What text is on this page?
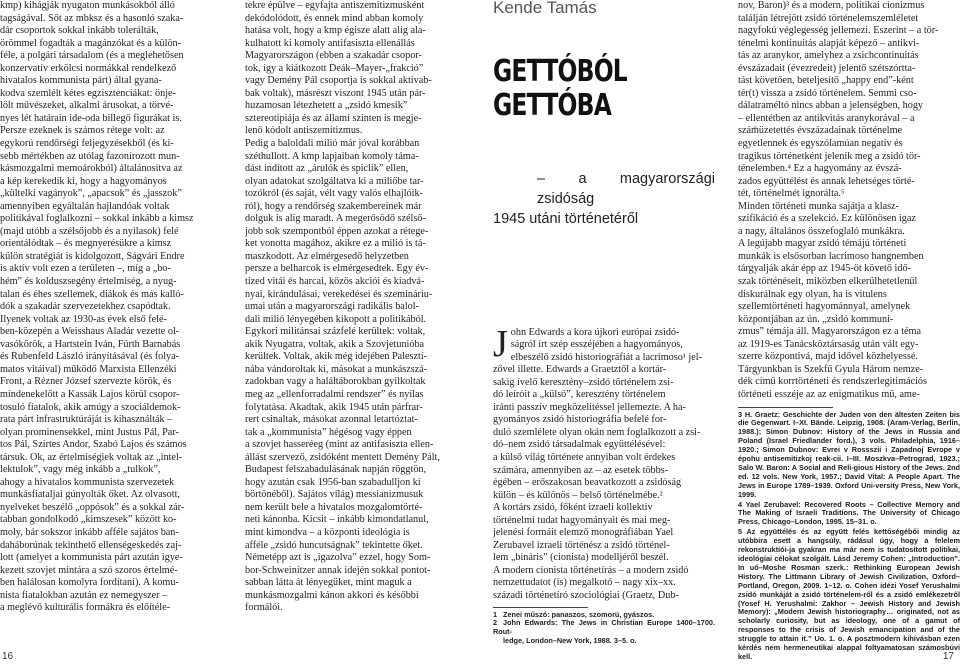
kmp) kihágják nyugaton munkásokból álló
tagságával. Sőt az mbksz és a hasonló szaka-
dár csoportok sokkal inkább tolerálták,
örömmel fogadták a magánzókat és a külön-
féle, a polgári társadalom (és a meglehetősen
konzervatív erkölcsi normákkal rendelkező
hivatalos kommunista párt) által gyana-
kodva szemlélt kétes egzisztenciákat: önje-
lölt művészeket, alkalmi árusokat, a törvé-
nyes lét határain ide-oda billegő figurákat is.
Persze ezeknek is számos rétege volt: az
egykorú rendőrségi feljegyzésekből (és ki-
sebb mértékben az utólag fazonírozott mun-
kásmozgalmi memoárokból) általánosítva az
a kép kerekedik ki, hogy a hagyományos
„kültelki vagányok”, „apacsok” és „jasszok”
amennyiben egyáltalán hajlandóak voltak
politikával foglalkozni – sokkal inkább a kimsz
(majd utóbb a szélsőjobb és a nyilasok) felé
orientálódtak – és megnyerésükre a kimsz
külön stratégiát is kidolgozott, Ságvári Endre
is aktív volt ezen a területen –, míg a „bo-
hém” és kolduszsegény értelmiség, a nyug-
talan és éhes szellemek, diákok és más kalló-
dók a szakadár szervezetekhez csapódtak.
Ilyenek voltak az 1930-as évek első felé-
ben-közepén a Weisshaus Aladár vezette ol-
vasókörök, a Hartstein Iván, Fürth Barnabás
és Rubenfeld László irányításával (és folya-
matos vitáival) működő Marxista Ellenzéki
Front, a Rézner József szervezte körök, és
mindenekelőtt a Kassák Lajos körül csopor-
tosuló fiatalok, akik amúgy a szociáldemok-
rata párt infrastruktúráját is kihasználták –
olyan prominensekkel, mint Justus Pál, Par-
tos Pál, Szirtes Andor, Szabó Lajos és számos
társuk. Ők, az értelmiségiek voltak az „intel-
lektulok”, vagy még inkább a „tulkok”,
ahogy a hivatalos kommunista szervezetek
munkásfiataljai gúnyolták őket. Az olvasott,
nyelveket beszélő „oppósok” és a sokkal zár-
tabban gondolkodó „kimszesek” között ko-
moly, bár sokszor inkább afféle sajátos ban-
daháborúnak tekinthető ellenségeskedés zaj-
lott (amelyet a kommunista párt azután igye-
kezett szovjet mintára a szó szoros értelmé-
ben halálosan komolyra fordítani). A komu-
nista fiatalokban azután ez nemegyszer –
a meglévő kulturális formákra és előítéle-
tekre épülve – egyfajta antiszemitizmusként
dekódolódott, és ennek mind abban komoly
hatása volt, hogy a kmp égisze alatt alig ala-
kulhatott ki komoly antifasiszta ellenállás
Magyarországon (ebben a szakadár csopor-
tok, így a kiátkozott Deák–Mayer-„frakció”
vagy Demény Pál csoportja is sokkal aktívab-
bak voltak), másrészt viszont 1945 után pár-
huzamosan létezhetett a „zsidó kmesik”
sztereotípiája és az államí szinten is megje-
lenő kódolt antiszemitizmus.
Pedig a baloldali milió már jóval korábban
széthullott. A kmp lapjaiban komoly táma-
dást indított az „árulók és spiclik” ellen,
olyan adatokat szolgáltatva ki a miliőbe tar-
tozókról (és saját, vélt vagy valós elhajlóik-
ról), hogy a rendőrség szakembereinek már
dolguk is alig maradt. A megerősödő szélső-
jobb sok szempontból éppen azokat a rétege-
ket vonotta magához, akikre ez a milió is tá-
maszkodott. Az elmérgesedő helyzetben
persze a belharcok is elmérgesedtek. Egy év-
tized vitái és harcai, közös akciói és kiadvá-
nyai, kirándulásai, verekedései és szemináriu-
umai után a magyarországi radikális balol-
dali milió lényegében kikopott a politikából.
Egykori militánsai százfelé kerültek: voltak,
akik Nyugatra, voltak, akik a Szovjetunióba
kerültek. Voltak, akik még idejében Palesztí-
nába vándoroltak ki, másokat a munkászszá-
zadokban vagy a haláltáborokban gyilkoltak
meg az „ellenforradalmi rendszer” és nyilas
folytatása. Akadtak, akik 1945 után párfrar-
rert csinaltak, másokat azonnal letartóztat-
tak a „kommunista” hégésog vagy éppen
a szovjet hasseréeg (mint az antifasiszta ellen-
állást szervező, zsidóként mentett Demény Pált,
Budapest felszabadulásának napján röggtön,
hogy azután csak 1956-ban szabadulljon ki
börtönéből). Sajátos világ) messianizmusuk
nem került bele a hivatalos mozgalomtörté-
neti kánonba. Kicsit – inkább kimondatlanul,
mint kimondva – a központi ideológia is
afféle „zsidó huncutságnak” tekintette őket.
Németépp azt is „igazolva” ezzel, hogy Som-
bor-Schweinitzer annak idején sokkal pontot-
sabban látta át lényegüket, mint maguk a
munkásmozgalmi kánon akkori és későbbi
formálói.
Kende Tamás
GETTÓBÓL
GETTÓBA
– a magyarországi zsidóság
1945 utáni történetéről
J ohn Edwards a kora újkori európai zsidó-
ságról írt szép esszéjében a hagyományos,
elbeszélő zsidó historiográfiát a lacrimoso¹ jel-
zővel illette. Edwards a Graetztől a kortár-
sakig ívelő keresztény–zsidó történelem zsi-
dó leíróit a „külső”, keresztény történelem
iránti passzív megközelítéssel jellemezte. A ha-
gyományos zsidó historiográfia befelé for-
duló szemlélete olyan okán nem foglalkozott a zsi-
dó–nem zsidó társadalmak együttélésével:
a külső világ története annyiban volt érdekes
számára, amennyiben az – az esetek többs-
égében – erőszakosan beavatkozott a zsidóság
külön – és különös – belső történelmébe.²
A kortárs zsidó, főként izraeli kollektív
történelmi tudat hagyományait és mai meg-
jelenési formáit elemző monográfiában Yael
Zerubavel izraeli történész a zsidó történel-
lem „bináris” (cionista) modelljéről beszél.
A modern cionista történetírás – a modern zsidó
nemzettudatot (is) megalkotó – nagy xix–xx.
századi történetíró szociológiai (Graetz, Dub-
1 Zenei műszó: panaszos, szomorú, gyászos.
2 John Edwards: The Jews in Christian Europe 1400–1700. Rout-
ledge, London–New York, 1988. 3–5. o.
nov, Baron)³ és a modern, politikai cionizmus
találján létrejött zsidó történelemszemléletet
nagyfokú véglegesség jellemezi. Eszerint – a tör-
ténelmi kontinuitás alapját képező – antikvi-
tás az aranykor, amelyhez a zsichcontinuitás
évszázadait (évezredeit) jelentő szétszórtta-
tást követően, beteljesítő „happy end”-ként
tér(t) vissza a zsidó történelem. Semmi cso-
dálatraméltó nincs abban a jelenségben, hogy
– ellentétben az antikvitás aranykorával – a
szám̈üzetettés évszázadainak történelme
egyetlennek és egyszólamúan negatív és
tragikus történetként jelenik meg a zsidó tör-
ténelemben.⁴ Ez a hagyomány az évszá-
zados együttélést és annak lehetséges törté-
tét, történelmét ignorálta.⁵
Minden történeti munka sajátja a klasz-
szifikáció és a szelekció. Ez különösen igaz
a nagy, általános összefoglaló munkákra.
A legújabb magyar zsidó témájú történeti
munkák is elsősorban lacrimoso hangnemben
tárgyalják akár épp az 1945-öt követő idő-
szak történéseit, miközben elkerülhetetlenül
diskurálnak egy olyan, ha is vitulens
szellemtörténeti hagyománnyal, amelynek
központjában az ún. „zsidó kommuni-
zmus” témája áll. Magyarországon ez a téma
az 1919-es Tanácsköztársaság után vált egy-
szerre központivá, majd idővel közhelyessé.
Tárgyunkban is Szekfű Gyula Három nemze-
dék című korrtörténeti és rendszerlegitimációs
történeti esszéje az az enigmatikus mű, ame-
3 H. Graetz: Geschichte der Juden von den ältesten Zeiten bis die Gegenwart. I–XI. Bände. Leipzig, 1908. (Aram-Verlag, Berlin, 1988.); Simon Dubnov: History of the Jews in Russia and Poland (Israel Friedlander ford.), 3 vols. Philadelphia, 1916–1920.; Simon Dubnov: Evrei v Rossszii i Zapadnoj Evrope v épohu antisemitizkoj reak-cii. I–III. Moszkva–Petrograd, 1923.; Salo W. Baron: A Social and Reli-gious History of the Jews. 2nd ed. 12 vols. New York, 1957.; David Vital: A People Apart. The Jews in Europe 1789–1939. Oxford Uni-versity Press, New York, 1999.
4 Yael Zerubavel: Recovered Roots – Collective Memory and The Making of Israeli Traditions. The University of Chicago Press, Chicago–London, 1995. 15–31. o.
5 Az együttélés és az együtt felés kettőségébői mindig az utóbbira esett a hangsúly, rádásul úgy, hogy a felelem rekonstruktiói-ja gyakran ma már nem is tudatosított politikai, ideológiai célokat szolgált. Lásd Jeremy Cohen: „Introduction”. In uő–Moshe Rosman szerk.: Rethinking European Jewish History. The Littmann Library of Jewish Civilization, Oxford–Portland, Oregon, 2009. 1–12. o. Cohen idézi Yosef Yerushalmi zsidó munkáját a zsidó történelem-ről és a zsidó emlékezetről (Yosef H. Yerushalmi: Zakhor – Jewish History and Jewish Memory): „Modern Jewish historiography… originated, not as scholarly curiosity, but as ideology, one of a gamut of responses to the crisis of Jewish emancipation and of the struggle to attain it.” Uo. 1. o. A posztmodern kihívásban ezen kérdés nem hermeneutikai alappal foltyamatosan számosbúvi kell.
16	17
